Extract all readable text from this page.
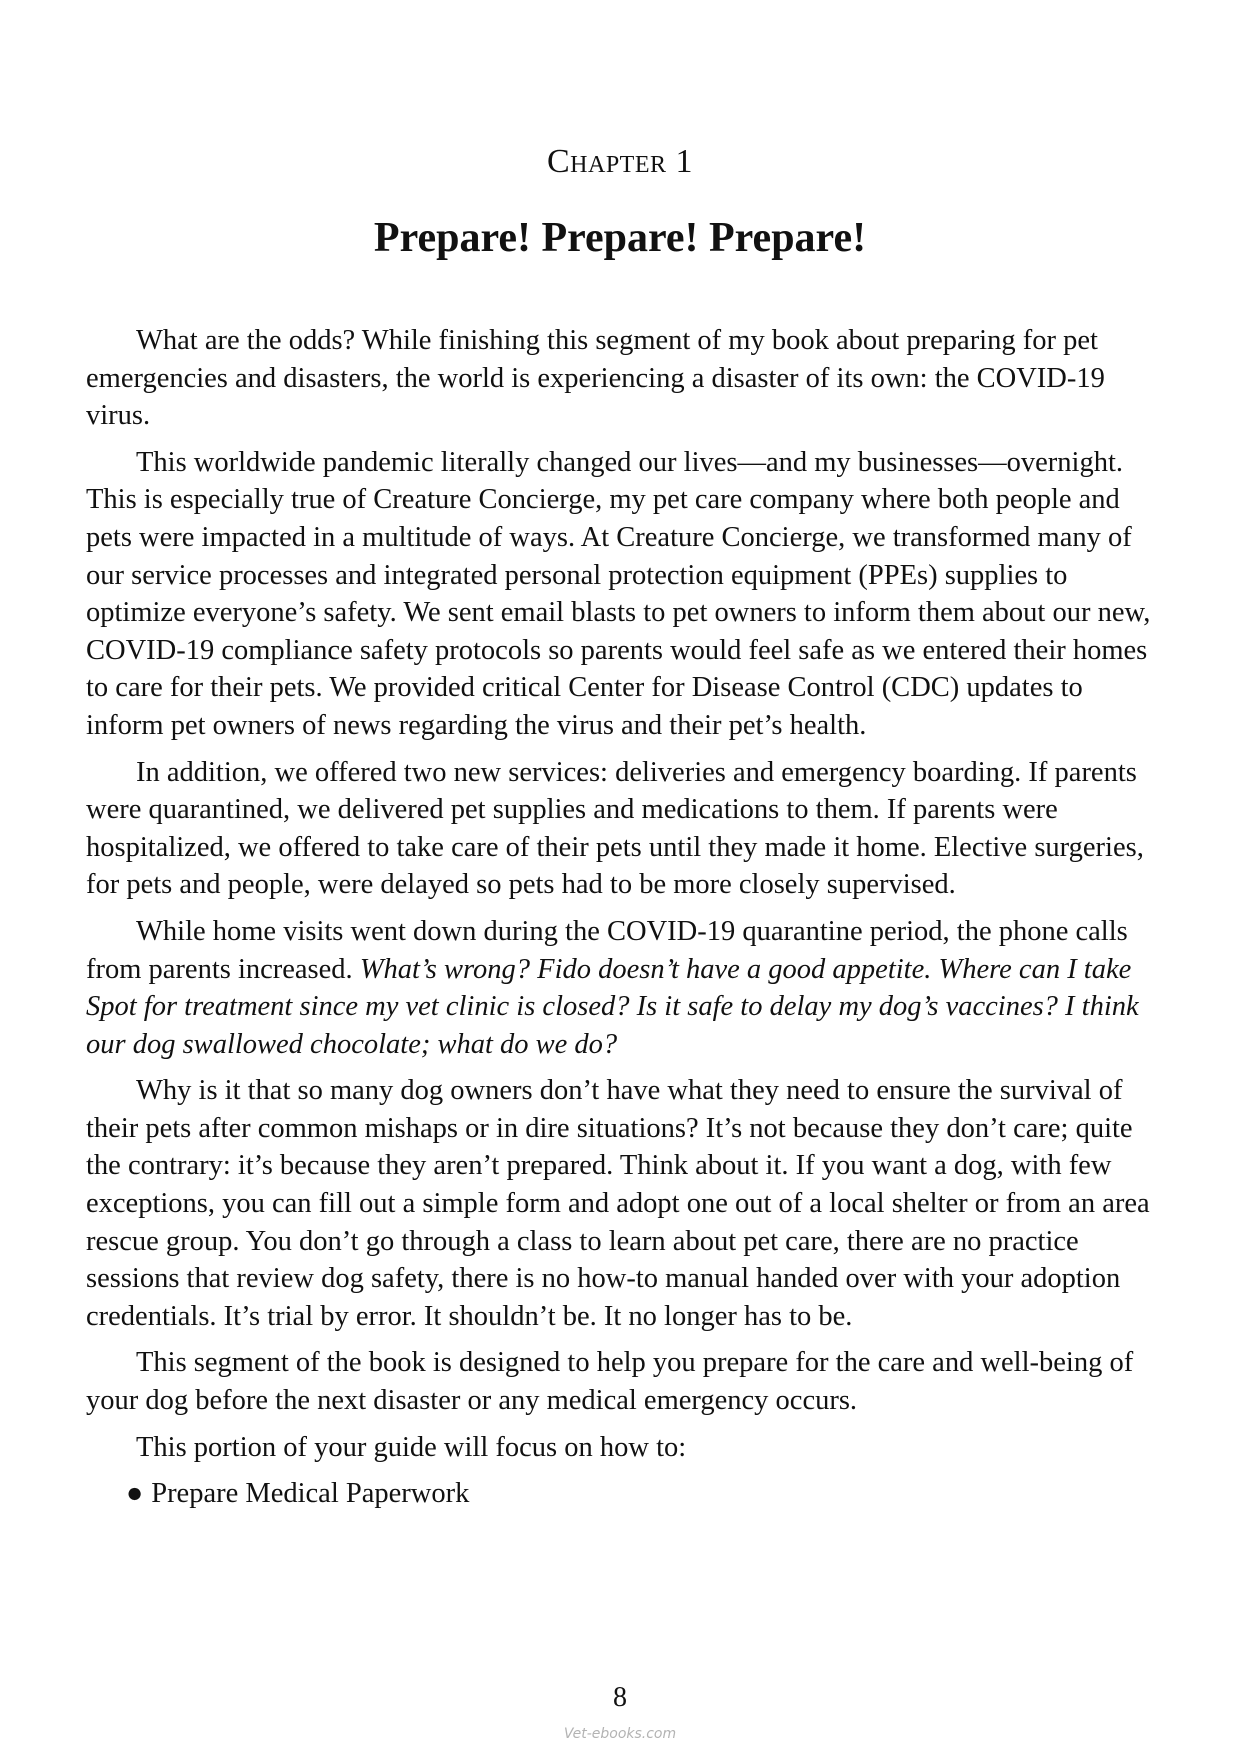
Chapter 1
Prepare! Prepare! Prepare!

What are the odds? While finishing this segment of my book about preparing for pet emergencies and disasters, the world is experiencing a disaster of its own: the COVID-19 virus.

This worldwide pandemic literally changed our lives—and my businesses—overnight. This is especially true of Creature Concierge, my pet care company where both people and pets were impacted in a multitude of ways. At Creature Concierge, we transformed many of our service processes and integrated personal protection equipment (PPEs) supplies to optimize everyone’s safety. We sent email blasts to pet owners to inform them about our new, COVID-19 compliance safety protocols so parents would feel safe as we entered their homes to care for their pets. We provided critical Center for Disease Control (CDC) updates to inform pet owners of news regarding the virus and their pet’s health.

In addition, we offered two new services: deliveries and emergency boarding. If parents were quarantined, we delivered pet supplies and medications to them. If parents were hospitalized, we offered to take care of their pets until they made it home. Elective surgeries, for pets and people, were delayed so pets had to be more closely supervised.

While home visits went down during the COVID-19 quarantine period, the phone calls from parents increased. What’s wrong? Fido doesn’t have a good appetite. Where can I take Spot for treatment since my vet clinic is closed? Is it safe to delay my dog’s vaccines? I think our dog swallowed chocolate; what do we do?

Why is it that so many dog owners don’t have what they need to ensure the survival of their pets after common mishaps or in dire situations? It’s not because they don’t care; quite the contrary: it’s because they aren’t prepared. Think about it. If you want a dog, with few exceptions, you can fill out a simple form and adopt one out of a local shelter or from an area rescue group. You don’t go through a class to learn about pet care, there are no practice sessions that review dog safety, there is no how-to manual handed over with your adoption credentials. It’s trial by error. It shouldn’t be. It no longer has to be.

This segment of the book is designed to help you prepare for the care and well-being of your dog before the next disaster or any medical emergency occurs.

This portion of your guide will focus on how to:

● Prepare Medical Paperwork

8
Vet-ebooks.com
